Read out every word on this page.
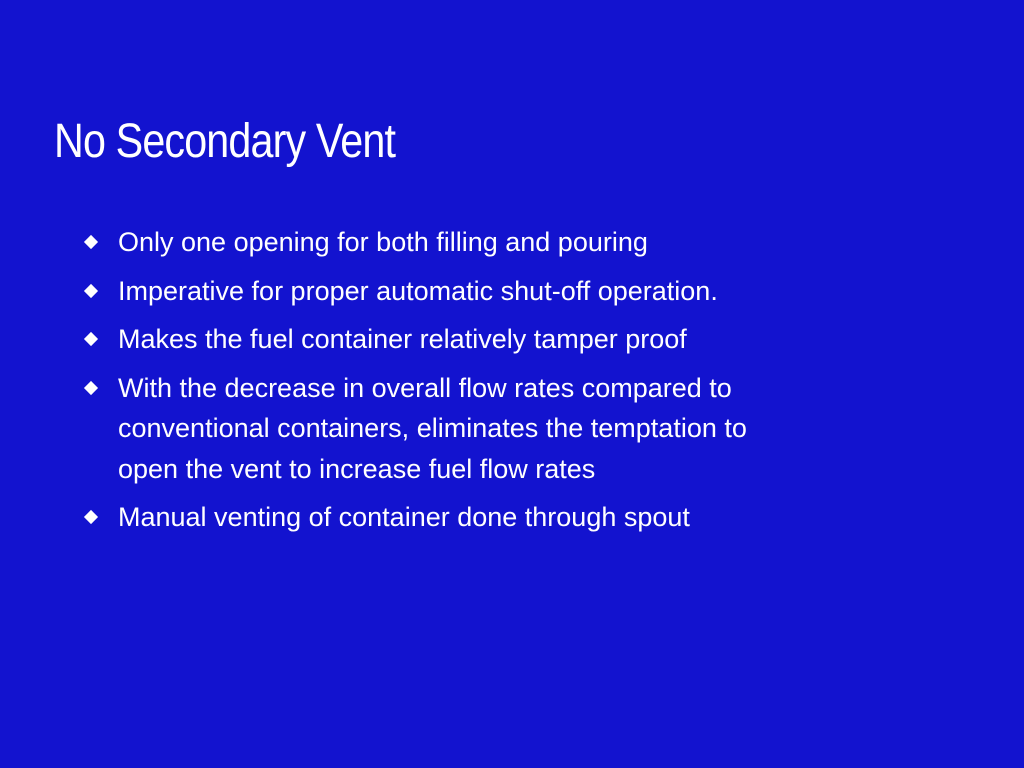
No Secondary Vent
Only one opening for both filling and pouring
Imperative for proper automatic shut-off operation.
Makes the fuel container relatively tamper proof
With the decrease in overall flow rates compared to conventional containers, eliminates the temptation to open the vent to increase fuel flow rates
Manual venting of container done through spout
